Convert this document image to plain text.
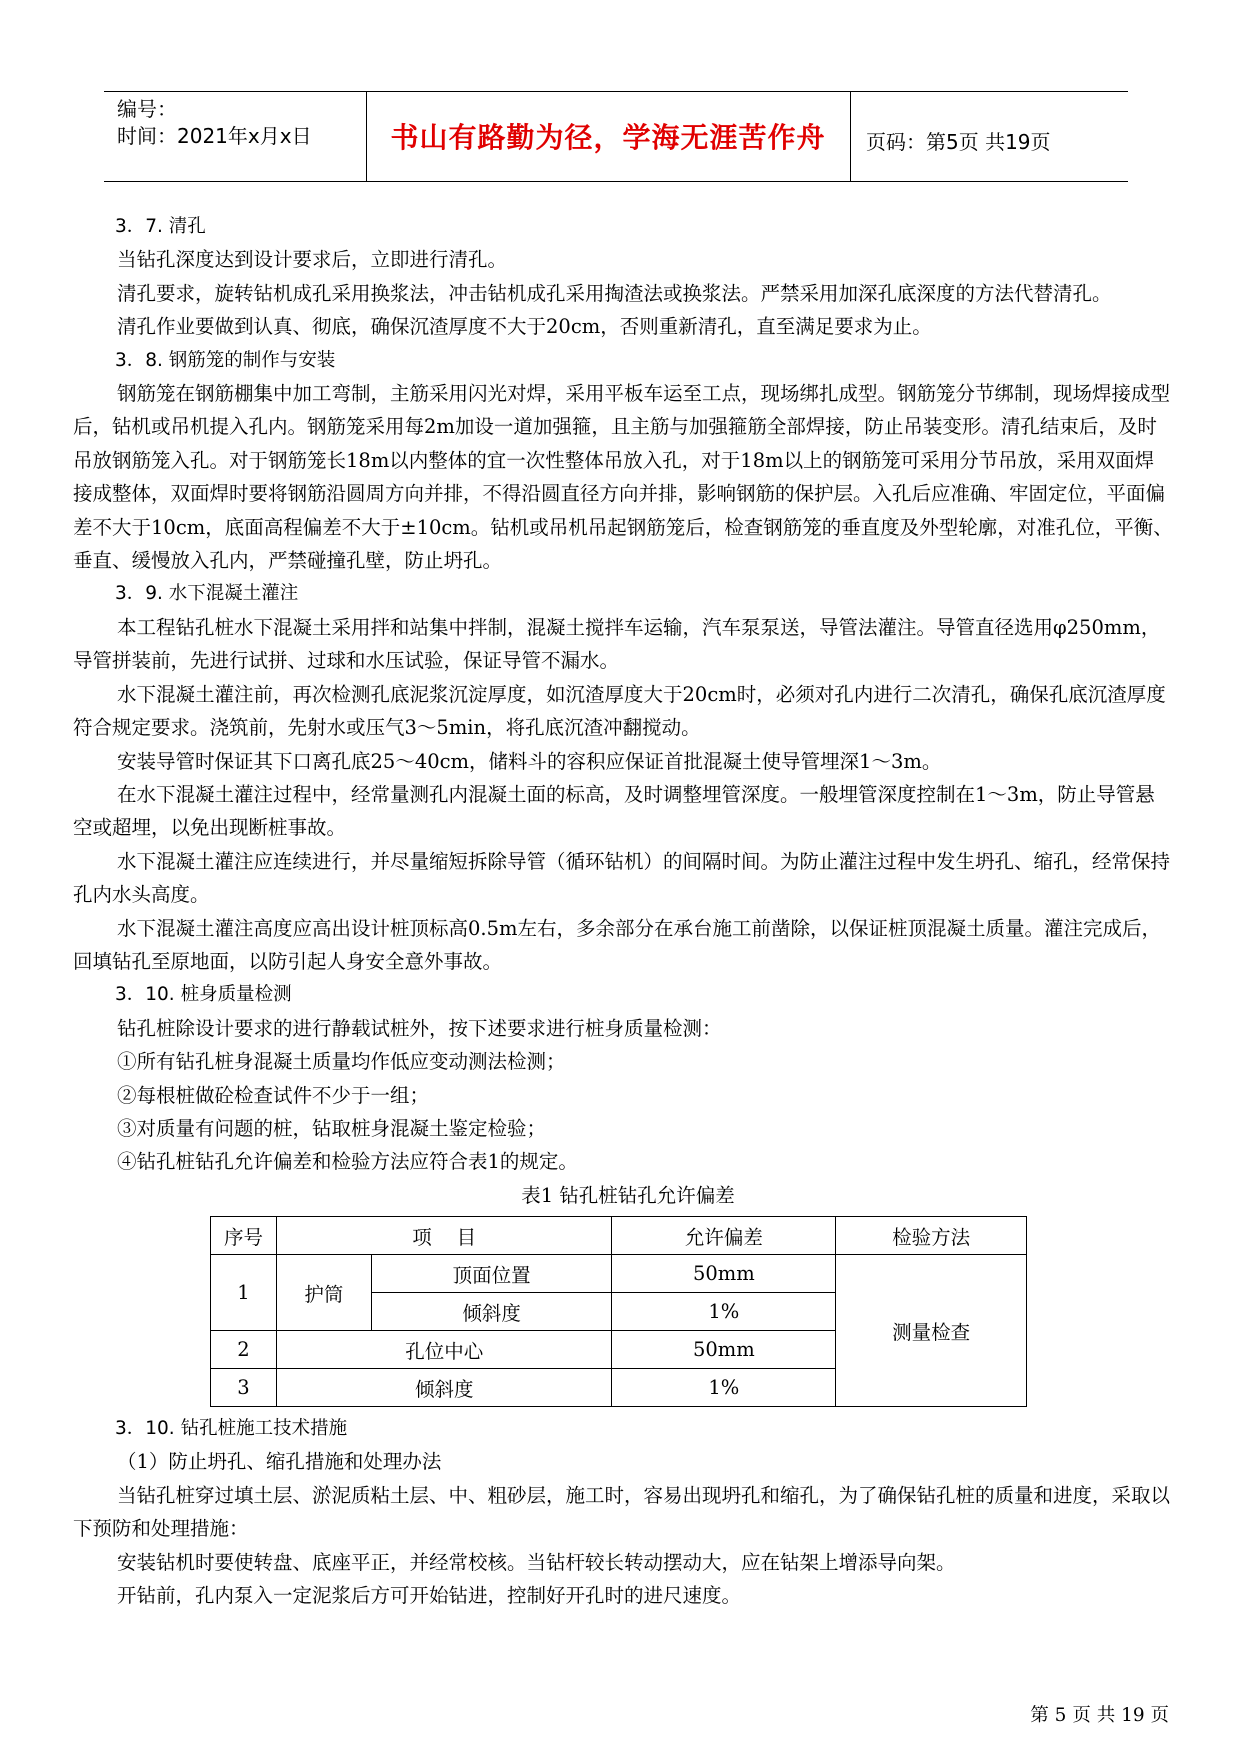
编号：
时间：2021年x月x日	书山有路勤为径，学海无涯苦作舟	页码：第5页 共19页

3．7. 清孔

当钻孔深度达到设计要求后，立即进行清孔。

清孔要求，旋转钻机成孔采用换浆法，冲击钻机成孔采用掏渣法或换浆法。严禁采用加深孔底深度的方法代替清孔。

清孔作业要做到认真、彻底，确保沉渣厚度不大于20cm，否则重新清孔，直至满足要求为止。

3．8. 钢筋笼的制作与安装

钢筋笼在钢筋棚集中加工弯制，主筋采用闪光对焊，采用平板车运至工点，现场绑扎成型。钢筋笼分节绑制，现场焊接成型后，钻机或吊机提入孔内。钢筋笼采用每2m加设一道加强箍，且主筋与加强箍筋全部焊接，防止吊装变形。清孔结束后，及时吊放钢筋笼入孔。对于钢筋笼长18m以内整体的宜一次性整体吊放入孔，对于18m以上的钢筋笼可采用分节吊放，采用双面焊接成整体，双面焊时要将钢筋沿圆周方向并排，不得沿圆直径方向并排，影响钢筋的保护层。入孔后应准确、牢固定位，平面偏差不大于10cm，底面高程偏差不大于±10cm。钻机或吊机吊起钢筋笼后，检查钢筋笼的垂直度及外型轮廓，对准孔位，平衡、垂直、缓慢放入孔内，严禁碰撞孔壁，防止坍孔。

3．9. 水下混凝土灌注

本工程钻孔桩水下混凝土采用拌和站集中拌制，混凝土搅拌车运输，汽车泵泵送，导管法灌注。导管直径选用φ250mm，导管拼装前，先进行试拼、过球和水压试验，保证导管不漏水。

水下混凝土灌注前，再次检测孔底泥浆沉淀厚度，如沉渣厚度大于20cm时，必须对孔内进行二次清孔，确保孔底沉渣厚度符合规定要求。浇筑前，先射水或压气3～5min，将孔底沉渣冲翻搅动。

安装导管时保证其下口离孔底25～40cm，储料斗的容积应保证首批混凝土使导管埋深1～3m。

在水下混凝土灌注过程中，经常量测孔内混凝土面的标高，及时调整埋管深度。一般埋管深度控制在1～3m，防止导管悬空或超埋，以免出现断桩事故。

水下混凝土灌注应连续进行，并尽量缩短拆除导管（循环钻机）的间隔时间。为防止灌注过程中发生坍孔、缩孔，经常保持孔内水头高度。

水下混凝土灌注高度应高出设计桩顶标高0.5m左右，多余部分在承台施工前凿除，以保证桩顶混凝土质量。灌注完成后，回填钻孔至原地面，以防引起人身安全意外事故。

3．10. 桩身质量检测

钻孔桩除设计要求的进行静载试桩外，按下述要求进行桩身质量检测：

①所有钻孔桩身混凝土质量均作低应变动测法检测；

②每根桩做砼检查试件不少于一组；

③对质量有问题的桩，钻取桩身混凝土鉴定检验；

④钻孔桩钻孔允许偏差和检验方法应符合表1的规定。

表1 钻孔桩钻孔允许偏差

序号	项    目		允许偏差	检验方法
1	护筒	顶面位置	50mm	测量检查
		倾斜度	1%	
2	孔位中心		50mm	
3	倾斜度		1%	

3．10. 钻孔桩施工技术措施

（1）防止坍孔、缩孔措施和处理办法

当钻孔桩穿过填土层、淤泥质粘土层、中、粗砂层，施工时，容易出现坍孔和缩孔，为了确保钻孔桩的质量和进度，采取以下预防和处理措施：

安装钻机时要使转盘、底座平正，并经常校核。当钻杆较长转动摆动大，应在钻架上增添导向架。

开钻前，孔内泵入一定泥浆后方可开始钻进，控制好开孔时的进尺速度。

第 5 页 共 19 页
